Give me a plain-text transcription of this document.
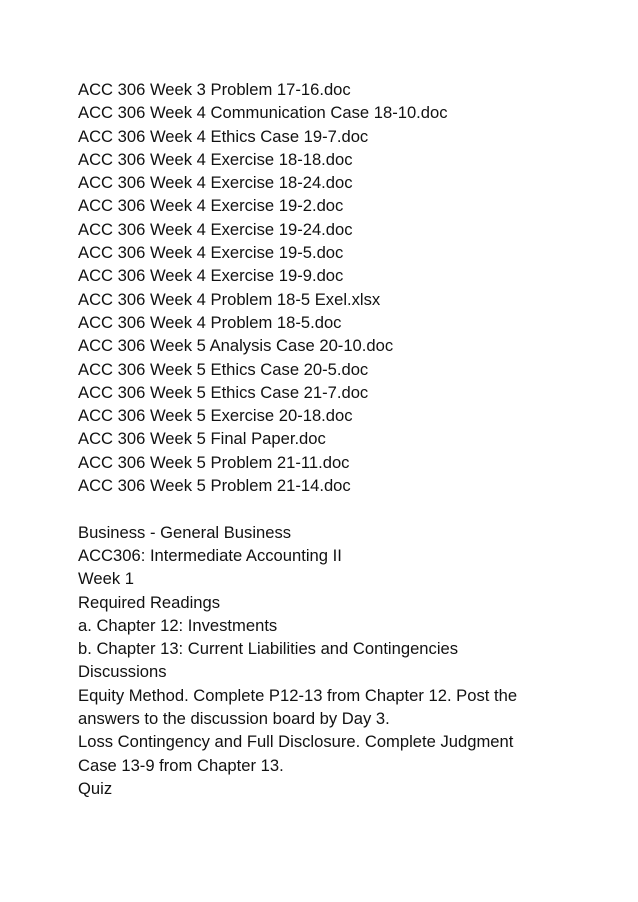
ACC 306 Week 3 Problem 17-16.doc
ACC 306 Week 4 Communication Case 18-10.doc
ACC 306 Week 4 Ethics Case 19-7.doc
ACC 306 Week 4 Exercise 18-18.doc
ACC 306 Week 4 Exercise 18-24.doc
ACC 306 Week 4 Exercise 19-2.doc
ACC 306 Week 4 Exercise 19-24.doc
ACC 306 Week 4 Exercise 19-5.doc
ACC 306 Week 4 Exercise 19-9.doc
ACC 306 Week 4 Problem 18-5 Exel.xlsx
ACC 306 Week 4 Problem 18-5.doc
ACC 306 Week 5 Analysis Case 20-10.doc
ACC 306 Week 5 Ethics Case 20-5.doc
ACC 306 Week 5 Ethics Case 21-7.doc
ACC 306 Week 5 Exercise 20-18.doc
ACC 306 Week 5 Final Paper.doc
ACC 306 Week 5 Problem 21-11.doc
ACC 306 Week 5 Problem 21-14.doc
Business - General Business
ACC306: Intermediate Accounting II
Week 1
Required Readings
a. Chapter 12: Investments
b. Chapter 13: Current Liabilities and Contingencies
Discussions
Equity Method. Complete P12-13 from Chapter 12. Post the
answers to the discussion board by Day 3.
Loss Contingency and Full Disclosure. Complete Judgment
Case 13-9 from Chapter 13.
Quiz
